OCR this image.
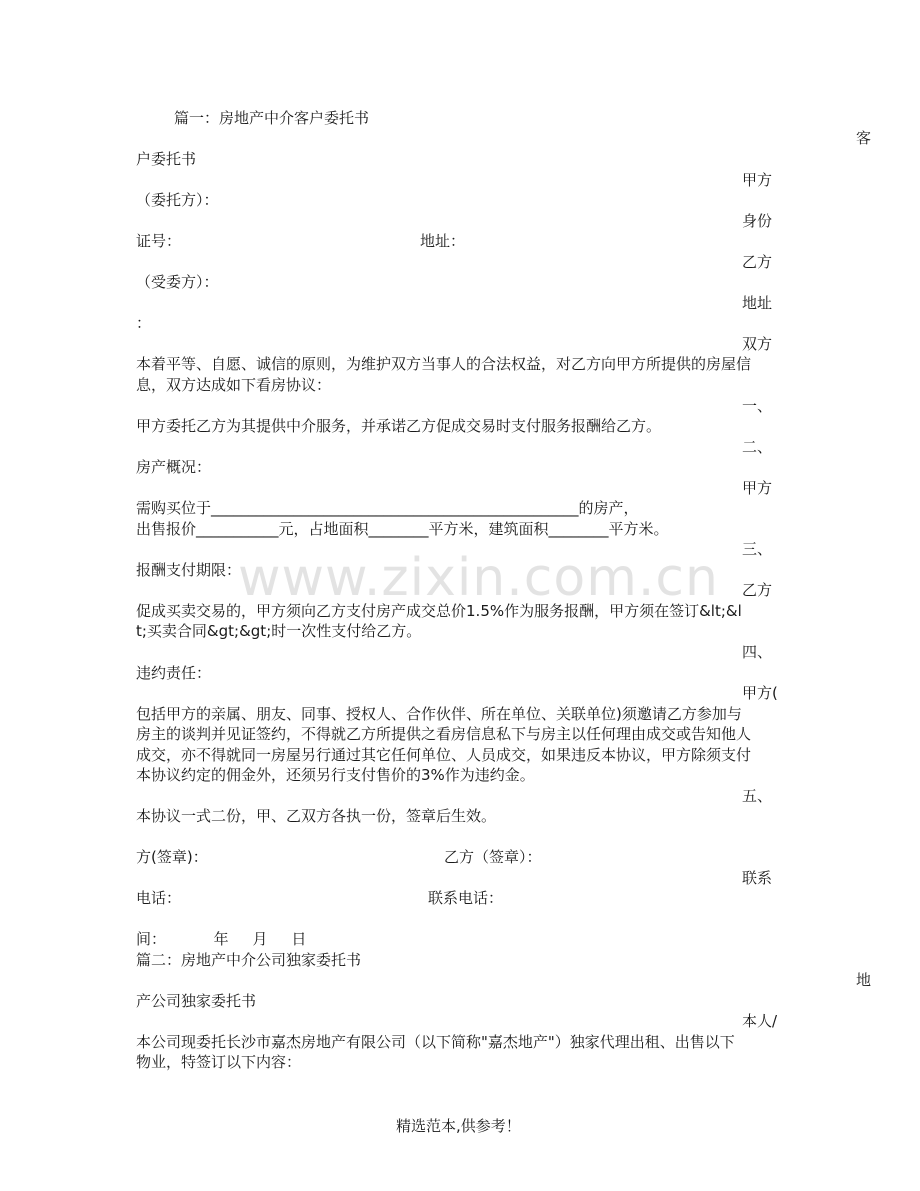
www.zixin.com.cn
篇一：房地产中介客户委托书
客
户委托书
甲方
（委托方）：
身份
证号：	地址：
乙方
（受委方）：
地址
：
双方
本着平等、自愿、诚信的原则，为维护双方当事人的合法权益，对乙方向甲方所提供的房屋信
息，双方达成如下看房协议：
一、
甲方委托乙方为其提供中介服务，并承诺乙方促成交易时支付服务报酬给乙方。
二、
房产概况：
甲方
需购买位于_________________________________________________的房产，
出售报价___________元，占地面积________平方米，建筑面积________平方米。
三、
报酬支付期限：
乙方
促成买卖交易的，甲方须向乙方支付房产成交总价1.5%作为服务报酬，甲方须在签订&lt;&l
t;买卖合同&gt;&gt;时一次性支付给乙方。
四、
违约责任：
甲方(
包括甲方的亲属、朋友、同事、授权人、合作伙伴、所在单位、关联单位)须邀请乙方参加与
房主的谈判并见证签约，不得就乙方所提供之看房信息私下与房主以任何理由成交或告知他人
成交，亦不得就同一房屋另行通过其它任何单位、人员成交，如果违反本协议，甲方除须支付
本协议约定的佣金外，还须另行支付售价的3%作为违约金。
五、
本协议一式二份，甲、乙双方各执一份，签章后生效。
方(签章)：	乙方（签章）：
联系
电话：	联系电话：
间：          年     月     日
篇二：房地产中介公司独家委托书
地
产公司独家委托书
本人/
本公司现委托长沙市嘉杰房地产有限公司（以下简称"嘉杰地产"）独家代理出租、出售以下
物业，特签订以下内容：
精选范本,供参考！
